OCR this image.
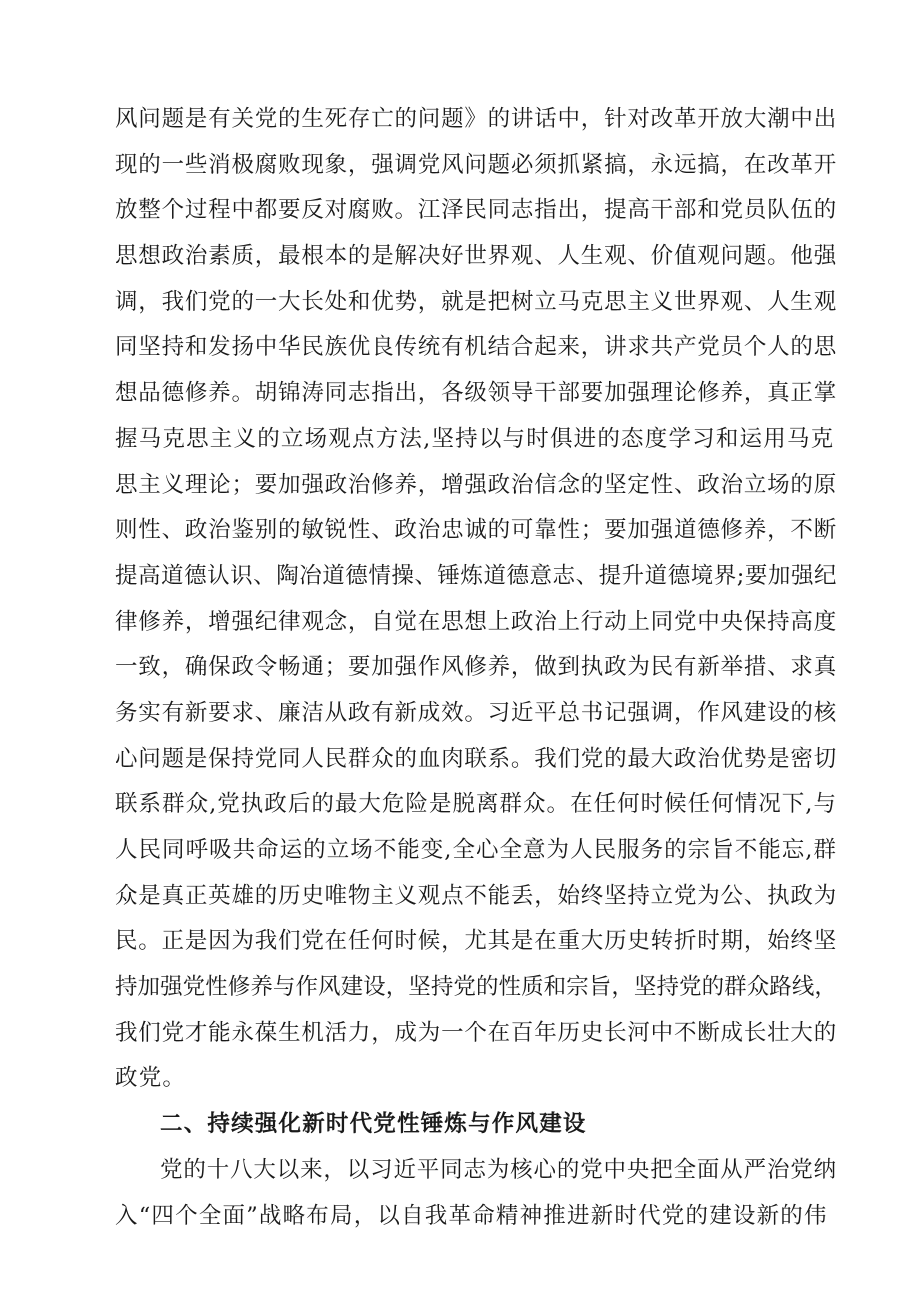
风问题是有关党的生死存亡的问题》的讲话中，针对改革开放大潮中出
现的一些消极腐败现象，强调党风问题必须抓紧搞，永远搞，在改革开
放整个过程中都要反对腐败。江泽民同志指出，提高干部和党员队伍的
思想政治素质，最根本的是解决好世界观、人生观、价值观问题。他强
调，我们党的一大长处和优势，就是把树立马克思主义世界观、人生观
同坚持和发扬中华民族优良传统有机结合起来，讲求共产党员个人的思
想品德修养。胡锦涛同志指出，各级领导干部要加强理论修养，真正掌
握马克思主义的立场观点方法,坚持以与时俱进的态度学习和运用马克
思主义理论；要加强政治修养，增强政治信念的坚定性、政治立场的原
则性、政治鉴别的敏锐性、政治忠诚的可靠性；要加强道德修养，不断
提高道德认识、陶冶道德情操、锤炼道德意志、提升道德境界;要加强纪
律修养，增强纪律观念，自觉在思想上政治上行动上同党中央保持高度
一致，确保政令畅通；要加强作风修养，做到执政为民有新举措、求真
务实有新要求、廉洁从政有新成效。习近平总书记强调，作风建设的核
心问题是保持党同人民群众的血肉联系。我们党的最大政治优势是密切
联系群众,党执政后的最大危险是脱离群众。在任何时候任何情况下,与
人民同呼吸共命运的立场不能变,全心全意为人民服务的宗旨不能忘,群
众是真正英雄的历史唯物主义观点不能丢，始终坚持立党为公、执政为
民。正是因为我们党在任何时候，尤其是在重大历史转折时期，始终坚
持加强党性修养与作风建设，坚持党的性质和宗旨，坚持党的群众路线，
我们党才能永葆生机活力，成为一个在百年历史长河中不断成长壮大的
政党。
二、持续强化新时代党性锤炼与作风建设
党的十八大以来，以习近平同志为核心的党中央把全面从严治党纳
入“四个全面”战略布局，以自我革命精神推进新时代党的建设新的伟
